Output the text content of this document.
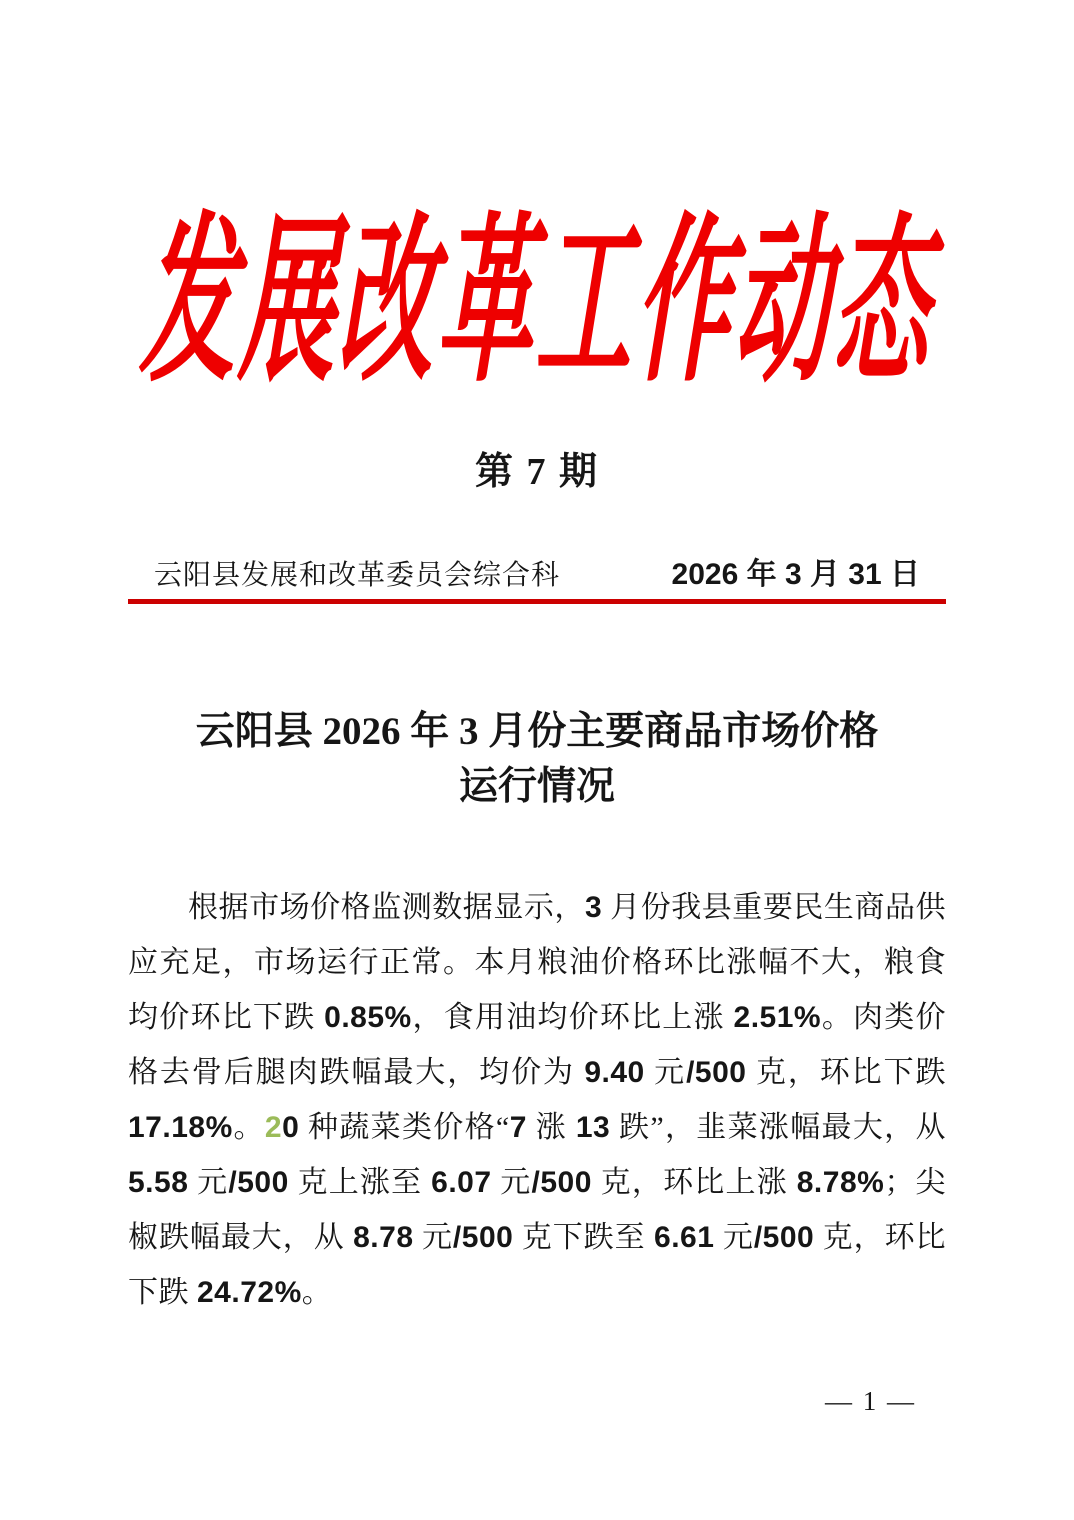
发展改革工作动态
第 7 期
云阳县发展和改革委员会综合科	2026 年 3 月 31 日
云阳县 2026 年 3 月份主要商品市场价格
运行情况

根据市场价格监测数据显示，3 月份我县重要民生商品供应充足，市场运行正常。本月粮油价格环比涨幅不大，粮食均价环比下跌 0.85%，食用油均价环比上涨 2.51%。肉类价格去骨后腿肉跌幅最大，均价为 9.40 元/500 克，环比下跌 17.18%。20 种蔬菜类价格“7 涨 13 跌”，韭菜涨幅最大，从 5.58 元/500 克上涨至 6.07 元/500 克，环比上涨 8.78%；尖椒跌幅最大，从 8.78 元/500 克下跌至 6.61 元/500 克，环比下跌 24.72%。

— 1 —
